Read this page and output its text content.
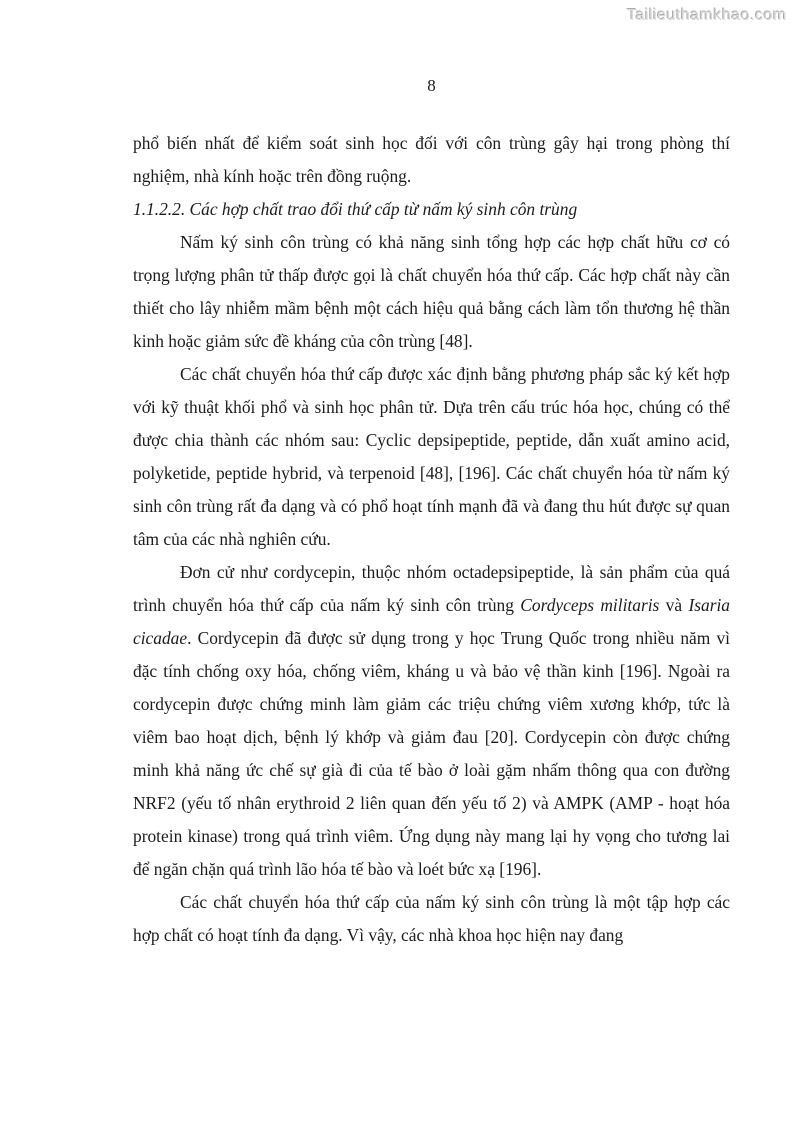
Tailieuthamkhao.com
8

phổ biến nhất để kiểm soát sinh học đối với côn trùng gây hại trong phòng thí nghiệm, nhà kính hoặc trên đồng ruộng.

1.1.2.2. Các hợp chất trao đổi thứ cấp từ nấm ký sinh côn trùng

Nấm ký sinh côn trùng có khả năng sinh tổng hợp các hợp chất hữu cơ có trọng lượng phân tử thấp được gọi là chất chuyển hóa thứ cấp. Các hợp chất này cần thiết cho lây nhiễm mầm bệnh một cách hiệu quả bằng cách làm tổn thương hệ thần kinh hoặc giảm sức đề kháng của côn trùng [48].

Các chất chuyển hóa thứ cấp được xác định bằng phương pháp sắc ký kết hợp với kỹ thuật khối phổ và sinh học phân tử. Dựa trên cấu trúc hóa học, chúng có thể được chia thành các nhóm sau: Cyclic depsipeptide, peptide, dẫn xuất amino acid, polyketide, peptide hybrid, và terpenoid [48], [196]. Các chất chuyển hóa từ nấm ký sinh côn trùng rất đa dạng và có phổ hoạt tính mạnh đã và đang thu hút được sự quan tâm của các nhà nghiên cứu.

Đơn cử như cordycepin, thuộc nhóm octadepsipeptide, là sản phẩm của quá trình chuyển hóa thứ cấp của nấm ký sinh côn trùng Cordyceps militaris và Isaria cicadae. Cordycepin đã được sử dụng trong y học Trung Quốc trong nhiều năm vì đặc tính chống oxy hóa, chống viêm, kháng u và bảo vệ thần kinh [196]. Ngoài ra cordycepin được chứng minh làm giảm các triệu chứng viêm xương khớp, tức là viêm bao hoạt dịch, bệnh lý khớp và giảm đau [20]. Cordycepin còn được chứng minh khả năng ức chế sự già đi của tế bào ở loài gặm nhấm thông qua con đường NRF2 (yếu tố nhân erythroid 2 liên quan đến yếu tố 2) và AMPK (AMP - hoạt hóa protein kinase) trong quá trình viêm. Ứng dụng này mang lại hy vọng cho tương lai để ngăn chặn quá trình lão hóa tế bào và loét bức xạ [196].

Các chất chuyển hóa thứ cấp của nấm ký sinh côn trùng là một tập hợp các hợp chất có hoạt tính đa dạng. Vì vậy, các nhà khoa học hiện nay đang
